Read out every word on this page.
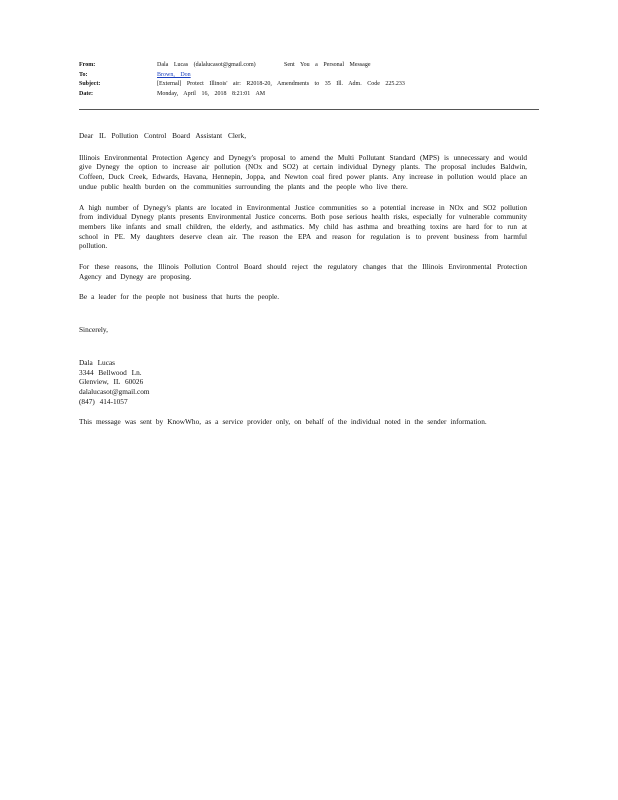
From:	Dala Lucas (dalalucasot@gmail.com)	Sent You a Personal Message
To:	Brown, Don
Subject:	[External] Protect Illinois' air: R2018-20, Amendments to 35 Ill. Adm. Code 225.233
Date:	Monday, April 16, 2018 8:21:01 AM

Dear IL Pollution Control Board Assistant Clerk,

Illinois Environmental Protection Agency and Dynegy's proposal to amend the Multi Pollutant Standard (MPS) is unnecessary and would give Dynegy the option to increase air pollution (NOx and SO2) at certain individual Dynegy plants. The proposal includes Baldwin, Coffeen, Duck Creek, Edwards, Havana, Hennepin, Joppa, and Newton coal fired power plants. Any increase in pollution would place an undue public health burden on the communities surrounding the plants and the people who live there.

A high number of Dynegy's plants are located in Environmental Justice communities so a potential increase in NOx and SO2 pollution from individual Dynegy plants presents Environmental Justice concerns. Both pose serious health risks, especially for vulnerable community members like infants and small children, the elderly, and asthmatics. My child has asthma and breathing toxins are hard for to run at school in PE. My daughters deserve clean air. The reason the EPA and reason for regulation is to prevent business from harmful pollution.

For these reasons, the Illinois Pollution Control Board should reject the regulatory changes that the Illinois Environmental Protection Agency and Dynegy are proposing.

Be a leader for the people not business that hurts the people.

Sincerely,

Dala Lucas
3344 Bellwood Ln.
Glenview, IL 60026
dalalucasot@gmail.com
(847) 414-1057

This message was sent by KnowWho, as a service provider only, on behalf of the individual noted in the sender information.
